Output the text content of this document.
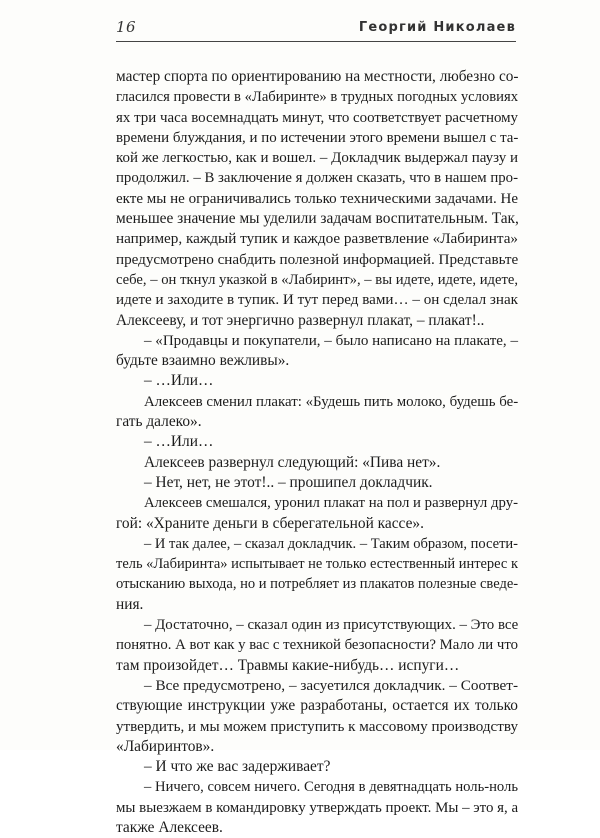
16	Георгий Николаев
мастер спорта по ориентированию на местности, любезно со-
гласился провести в «Лабиринте» в трудных погодных условиях
ях три часа восемнадцать минут, что соответствует расчетному
времени блуждания, и по истечении этого времени вышел с та-
кой же легкостью, как и вошел. – Докладчик выдержал паузу и
продолжил. – В заключение я должен сказать, что в нашем про-
екте мы не ограничивались только техническими задачами. Не
меньшее значение мы уделили задачам воспитательным. Так,
например, каждый тупик и каждое разветвление «Лабиринта»
предусмотрено снабдить полезной информацией. Представьте
себе, – он ткнул указкой в «Лабиринт», – вы идете, идете, идете,
идете и заходите в тупик. И тут перед вами… – он сделал знак
Алексееву, и тот энергично развернул плакат, – плакат!..
– «Продавцы и покупатели, – было написано на плакате, –
будьте взаимно вежливы».
– …Или…
Алексеев сменил плакат: «Будешь пить молоко, будешь бе-
гать далеко».
– …Или…
Алексеев развернул следующий: «Пива нет».
– Нет, нет, не этот!.. – прошипел докладчик.
Алексеев смешался, уронил плакат на пол и развернул дру-
гой: «Храните деньги в сберегательной кассе».
– И так далее, – сказал докладчик. – Таким образом, посети-
тель «Лабиринта» испытывает не только естественный интерес к
отысканию выхода, но и потребляет из плакатов полезные сведе-
ния.
– Достаточно, – сказал один из присутствующих. – Это все
понятно. А вот как у вас с техникой безопасности? Мало ли что
там произойдет… Травмы какие-нибудь… испуги…
– Все предусмотрено, – засуетился докладчик. – Соответ-
ствующие инструкции уже разработаны, остается их только
утвердить, и мы можем приступить к массовому производству
«Лабиринтов».
– И что же вас задерживает?
– Ничего, совсем ничего. Сегодня в девятнадцать ноль-ноль
мы выезжаем в командировку утверждать проект. Мы – это я, а
также Алексеев.
